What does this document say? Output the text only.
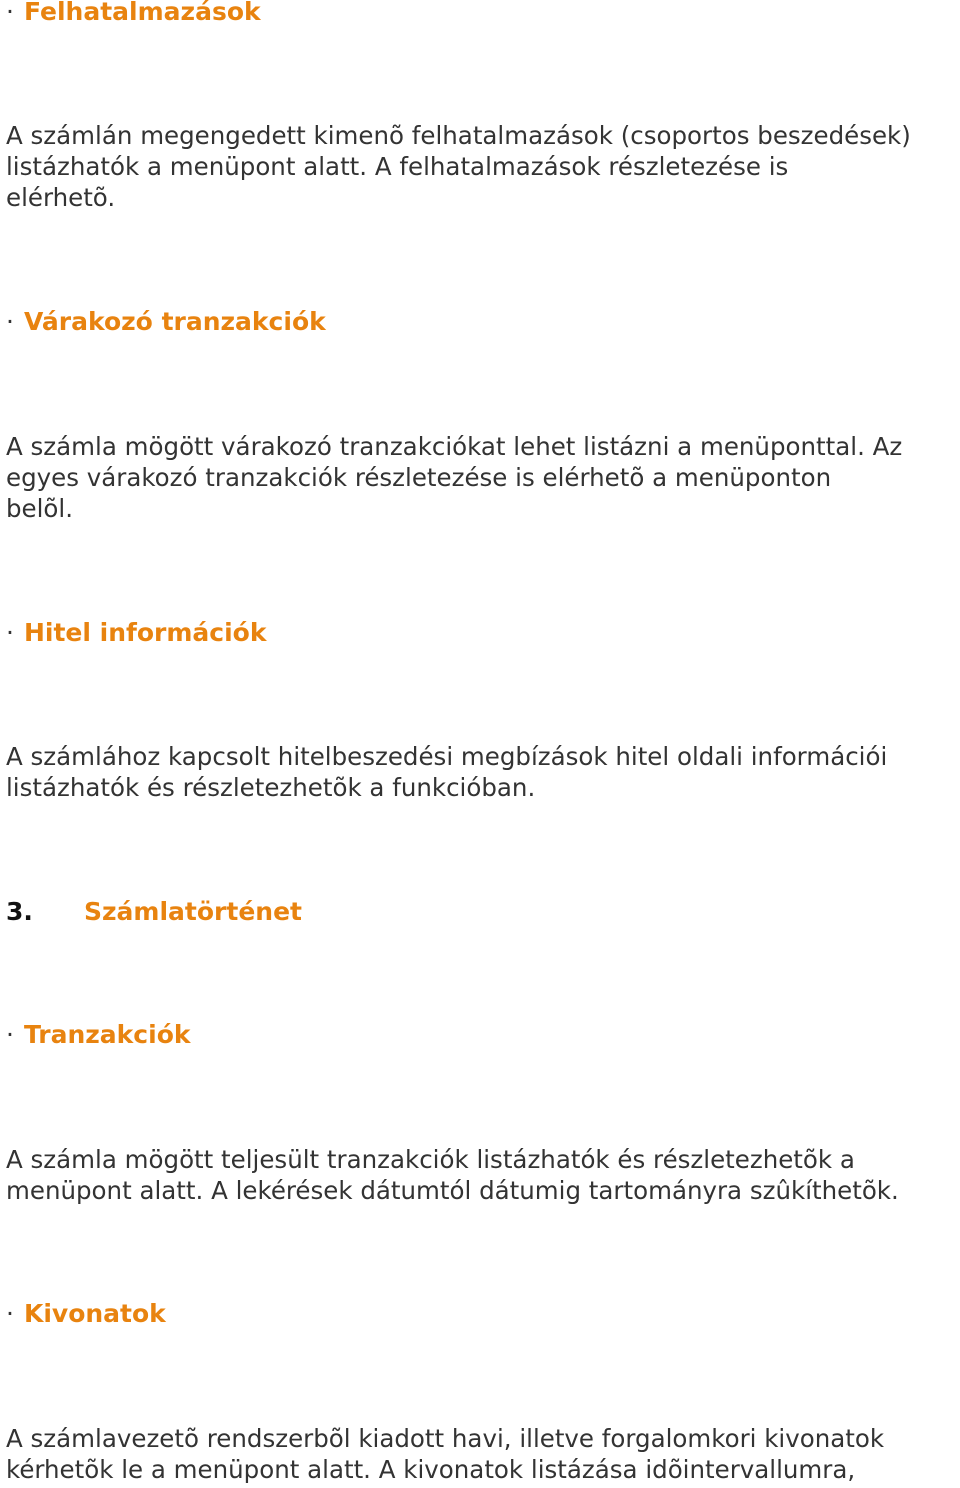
· Felhatalmazások
A számlán megengedett kimenõ felhatalmazások (csoportos beszedések)
listázhatók a menüpont alatt. A felhatalmazások részletezése is
elérhetõ.
· Várakozó tranzakciók
A számla mögött várakozó tranzakciókat lehet listázni a menüponttal. Az
egyes várakozó tranzakciók részletezése is elérhetõ a menüponton
belõl.
· Hitel információk
A számlához kapcsolt hitelbeszedési megbízások hitel oldali információi
listázhatók és részletezhetõk a funkcióban.
3. Számlatörténet
· Tranzakciók
A számla mögött teljesült tranzakciók listázhatók és részletezhetõk a
menüpont alatt. A lekérések dátumtól dátumig tartományra szûkíthetõk.
· Kivonatok
A számlavezetõ rendszerbõl kiadott havi, illetve forgalomkori kivonatok
kérhetõk le a menüpont alatt. A kivonatok listázása idõintervallumra,
